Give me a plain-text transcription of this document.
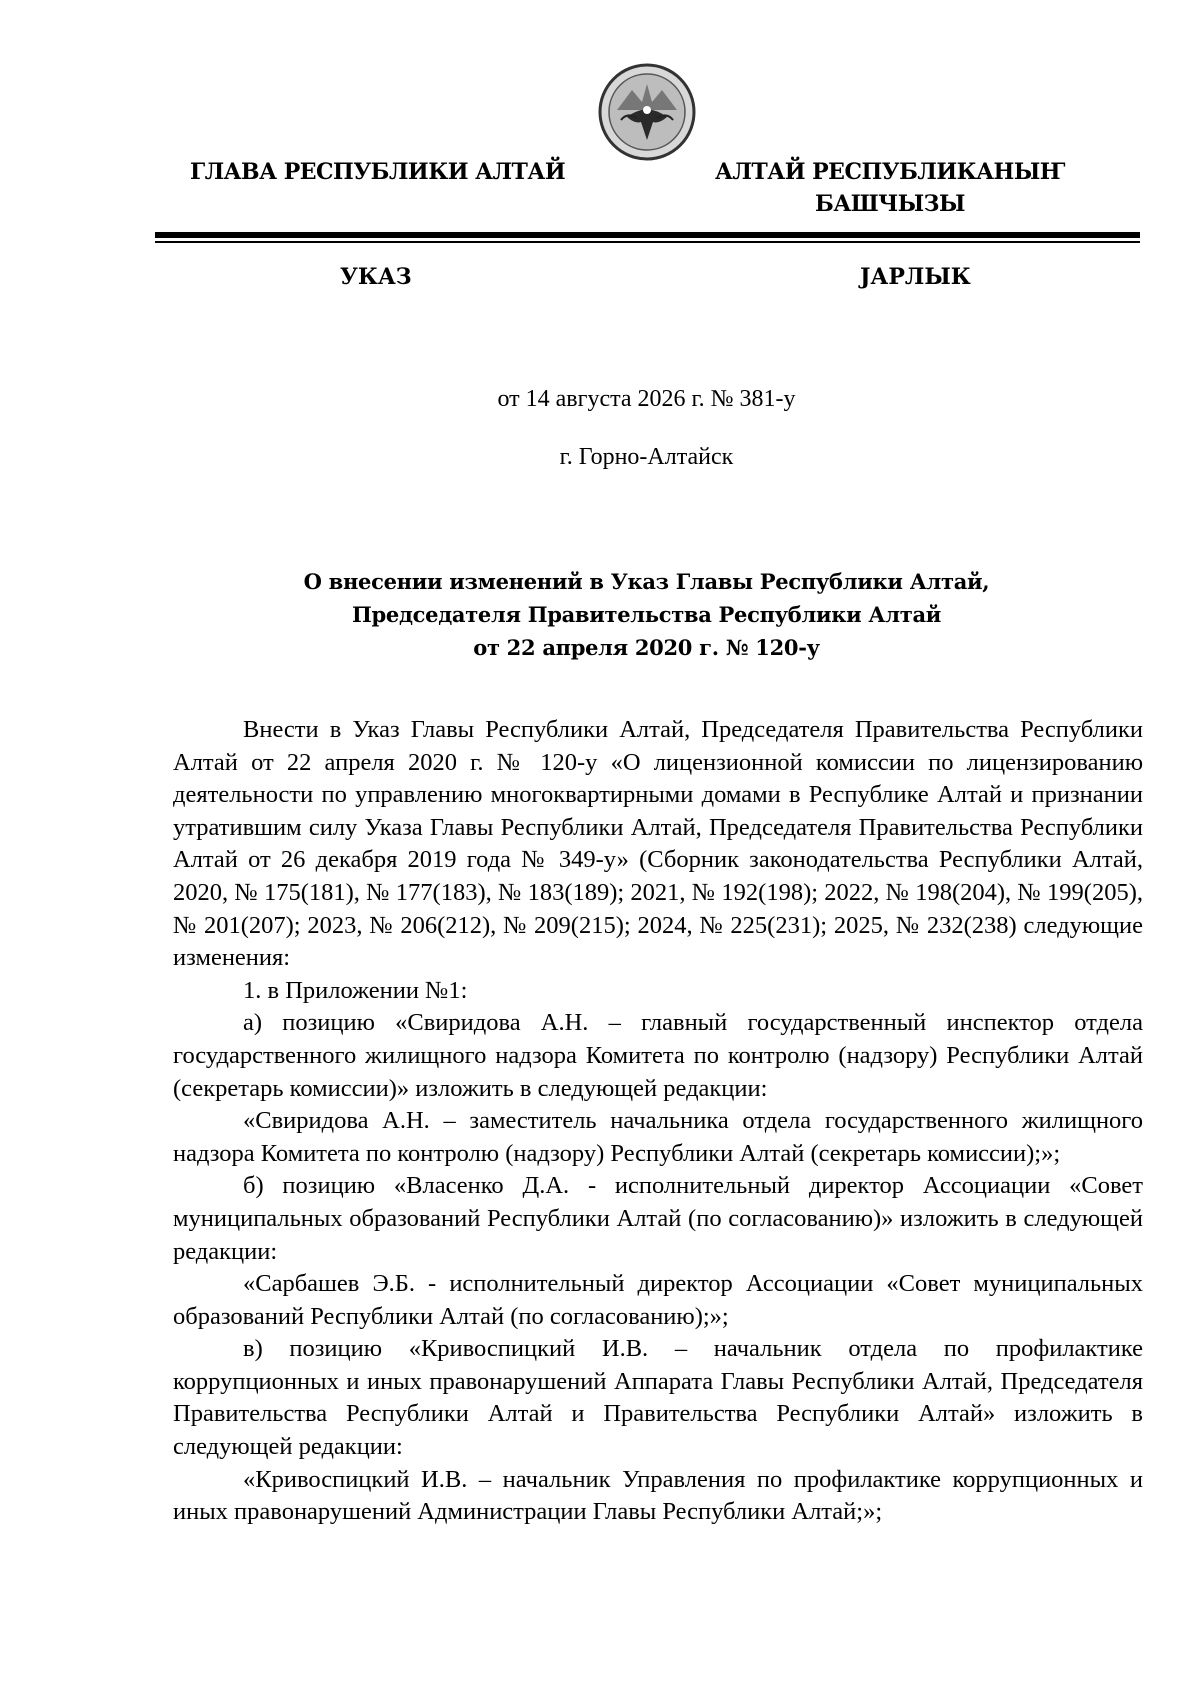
ГЛАВА РЕСПУБЛИКИ АЛТАЙ	АЛТАЙ РЕСПУБЛИКАНЫҤ
БАШЧЫЗЫ
УКАЗ	ЈАРЛЫК
от 14 августа 2026 г. № 381-у
г. Горно-Алтайск
О внесении изменений в Указ Главы Республики Алтай,
Председателя Правительства Республики Алтай
от 22 апреля 2020 г. № 120-у

Внести в Указ Главы Республики Алтай, Председателя Правительства Республики Алтай от 22 апреля 2020 г. № 120-у «О лицензионной комиссии по лицензированию деятельности по управлению многоквартирными домами в Республике Алтай и признании утратившим силу Указа Главы Республики Алтай, Председателя Правительства Республики Алтай от 26 декабря 2019 года № 349-у» (Сборник законодательства Республики Алтай, 2020, № 175(181), № 177(183), № 183(189); 2021, № 192(198); 2022, № 198(204), № 199(205), № 201(207); 2023, № 206(212), № 209(215); 2024, № 225(231); 2025, № 232(238) следующие изменения:

1. в Приложении №1:

а) позицию «Свиридова А.Н. – главный государственный инспектор отдела государственного жилищного надзора Комитета по контролю (надзору) Республики Алтай (секретарь комиссии)» изложить в следующей редакции:

«Свиридова А.Н. – заместитель начальника отдела государственного жилищного надзора Комитета по контролю (надзору) Республики Алтай (секретарь комиссии);»;

б) позицию «Власенко Д.А. - исполнительный директор Ассоциации «Совет муниципальных образований Республики Алтай (по согласованию)» изложить в следующей редакции:

«Сарбашев Э.Б. - исполнительный директор Ассоциации «Совет муниципальных образований Республики Алтай (по согласованию);»;

в) позицию «Кривоспицкий И.В. – начальник отдела по профилактике коррупционных и иных правонарушений Аппарата Главы Республики Алтай, Председателя Правительства Республики Алтай и Правительства Республики Алтай» изложить в следующей редакции:

«Кривоспицкий И.В. – начальник Управления по профилактике коррупционных и иных правонарушений Администрации Главы Республики Алтай;»;
